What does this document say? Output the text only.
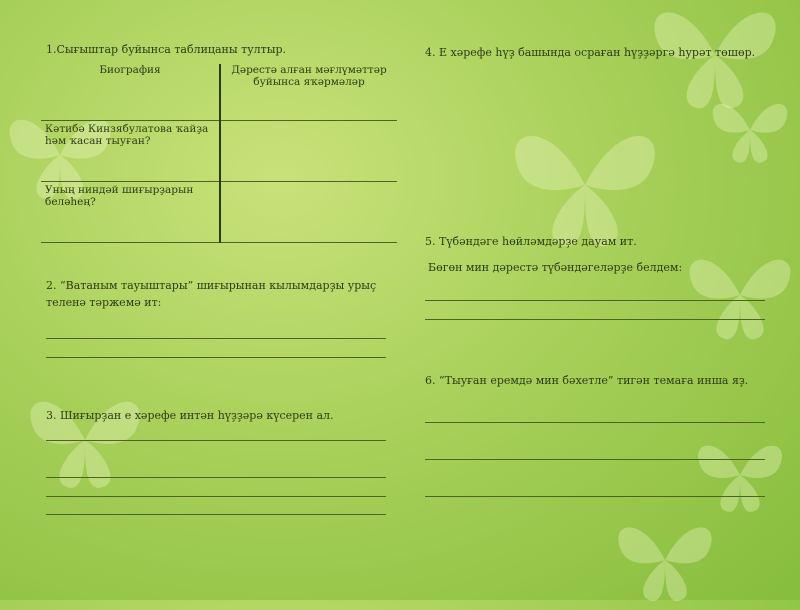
1.Сығыштар буйынса таблицаны тултыр.
Биография	Дәрестә алған мәғлүмәттәр буйынса яҡәрмәләр
Кәтибә Кинзябулатова ҡайҙа һәм ҡасан тыуған?	
Уның ниндәй шиғырҙарын беләһең?	
2. “Ватаным тауыштары” шиғырынан кылымдарҙы урыҫ теленә тәржемә ит:
3. Шиғырҙан е хәрефе интән һүҙҙәрә күсерен ал.
4. Е хәрефе һүҙ башында осраған һүҙҙәргә һурәт төшөр.
5. Түбәндәге һөйләмдәрҙе дауам ит.
Бөгөн мин дәрестә түбәндәгеләрҙе белдем:
6. “Тыуған еремдә мин бәхетле” тигән темаға инша яҙ.
